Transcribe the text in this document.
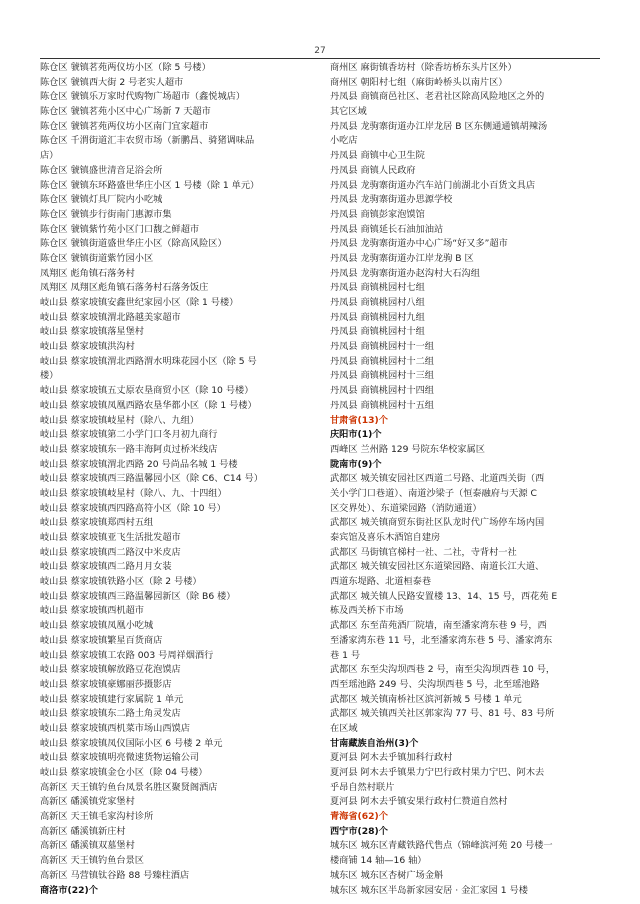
27
陈仓区 虢镇茗苑两仪坊小区（除 5 号楼）
陈仓区 虢镇西大街 2 号老实人超市
陈仓区 虢镇乐万家时代购物广场超市（鑫悦城店）
陈仓区 虢镇茗苑小区中心广场新 7 天超市
陈仓区 虢镇茗苑两仪坊小区南门宜家超市
陈仓区 千渭街道汇丰农贸市场（新鹏昌、骑猪调味品
店）
陈仓区 虢镇盛世清音足浴会所
陈仓区 虢镇东环路盛世华庄小区 1 号楼（除 1 单元）
陈仓区 虢镇灯具厂院内小吃城
陈仓区 虢镇步行街南门惠源市集
陈仓区 虢镇紫竹苑小区门口馥之鲜超市
陈仓区 虢镇街道盛世华庄小区（除高风险区）
陈仓区 虢镇街道紫竹园小区
凤翔区 彪角镇石落务村
凤翔区 凤翔区彪角镇石落务村石落务饭庄
岐山县 蔡家坡镇安鑫世纪家园小区（除 1 号楼）
岐山县 蔡家坡镇渭北路越美家超市
岐山县 蔡家坡镇落星堡村
岐山县 蔡家坡镇洪沟村
岐山县 蔡家坡镇渭北西路渭水明珠花园小区（除 5 号
楼）
岐山县 蔡家坡镇五丈原农垦商贸小区（除 10 号楼）
岐山县 蔡家坡镇凤凰西路农垦华都小区（除 1 号楼）
岐山县 蔡家坡镇岐星村（除八、九组）
岐山县 蔡家坡镇第二小学门口冬月初九商行
岐山县 蔡家坡镇东一路丰海阿贞过桥米线店
岐山县 蔡家坡镇渭北西路 20 号尚品名城 1 号楼
岐山县 蔡家坡镇西三路温馨园小区（除 C6、C14 号）
岐山县 蔡家坡镇岐星村（除八、九、十四组）
岐山县 蔡家坡镇西四路高符小区（除 10 号）
岐山县 蔡家坡镇郑西村五组
岐山县 蔡家坡镇亚飞生活批发超市
岐山县 蔡家坡镇西二路汉中米皮店
岐山县 蔡家坡镇西二路月月女装
岐山县 蔡家坡镇铁路小区（除 2 号楼）
岐山县 蔡家坡镇西三路温馨园新区（除 B6 楼）
岐山县 蔡家坡镇西机超市
岐山县 蔡家坡镇凤凰小吃城
岐山县 蔡家坡镇繁星百货商店
岐山县 蔡家坡镇工农路 003 号周祥烟酒行
岐山县 蔡家坡镇解放路豆花泡馍店
岐山县 蔡家坡镇豪娜丽莎摄影店
岐山县 蔡家坡镇建行家属院 1 单元
岐山县 蔡家坡镇东二路土角灵发店
岐山县 蔡家坡镇西机菜市场山西馍店
岐山县 蔡家坡镇凤仪国际小区 6 号楼 2 单元
岐山县 蔡家坡镇明亮微速货物运输公司
岐山县 蔡家坡镇金仓小区（除 04 号楼）
高新区 天王镇钓鱼台凤景名胜区聚贤阁酒店
高新区 磻溪镇党家堡村
高新区 天王镇毛家沟村诊所
高新区 磻溪镇新庄村
高新区 磻溪镇双墓堡村
高新区 天王镇钓鱼台景区
高新区 马营镇钛谷路 88 号臻柱酒店
商洛市(22)个
商州区 麻街镇香坊村（除香坊桥东头片区外）
商州区 朝阳村七组（麻街岭桥头以南片区）
丹凤县 商镇商邑社区、老君社区除高风险地区之外的
其它区域
丹凤县 龙驹寨街道办江岸龙居 B 区东侧通通镇胡辣汤
小吃店
丹凤县 商镇中心卫生院
丹凤县 商镇人民政府
丹凤县 龙驹寨街道办汽车站门前湖北小百货文具店
丹凤县 龙驹寨街道办思源学校
丹凤县 商镇彭家泡馍馆
丹凤县 商镇延长石油加油站
丹凤县 龙驹寨街道办中心广场“好又多”超市
丹凤县 龙驹寨街道办江岸龙驹 B 区
丹凤县 龙驹寨街道办赵沟村大石沟组
丹凤县 商镇桃园村七组
丹凤县 商镇桃园村八组
丹凤县 商镇桃园村九组
丹凤县 商镇桃园村十组
丹凤县 商镇桃园村十一组
丹凤县 商镇桃园村十二组
丹凤县 商镇桃园村十三组
丹凤县 商镇桃园村十四组
丹凤县 商镇桃园村十五组
甘肃省(13)个
庆阳市(1)个
西峰区 兰州路 129 号院东华校家属区
陇南市(9)个
武都区 城关镇安园社区西道二号路、北道西关街（西
关小学门口巷道）、南道沙梁子（恒泰融府与天源 C
区交界处）、东道梁园路（消防通道）
武都区 城关镇商贸东街社区队龙时代广场停车场内国
泰宾馆及喜乐木酒馆自建房
武都区 马街镇官梯村一社、二社，寺背村一社
武都区 城关镇安园社区东道梁园路、南道长江大道、
西道东堤路、北道桓泰巷
武都区 城关镇人民路安置楼 13、14、15 号，西花苑 E
栋及西关桥下市场
武都区 东至苗苑酒厂院墙，南至潘家湾东巷 9 号，西
至潘家湾东巷 11 号，北至潘家湾东巷 5 号、潘家湾东
巷 1 号
武都区 东至尖沟坝西巷 2 号，南至尖沟坝西巷 10 号，
西至瑶池路 249 号、尖沟坝西巷 5 号，北至瑶池路
武都区 城关镇南桥社区滨河新城 5 号楼 1 单元
武都区 城关镇西关社区郭家沟 77 号、81 号、83 号所
在区域
甘南藏族自治州(3)个
夏河县 阿木去乎镇加科行政村
夏河县 阿木去乎镇果力宁巴行政村果力宁巴、阿木去
乎昂自然村联片
夏河县 阿木去乎镇安果行政村仁赞道自然村
青海省(62)个
西宁市(28)个
城东区 城东区青藏铁路代售点（锦峰滨河苑 20 号楼一
楼商铺 14 轴—16 轴）
城东区 城东区杏树广场金斛
城东区 城东区半岛新家园安居 · 金汇家园 1 号楼
